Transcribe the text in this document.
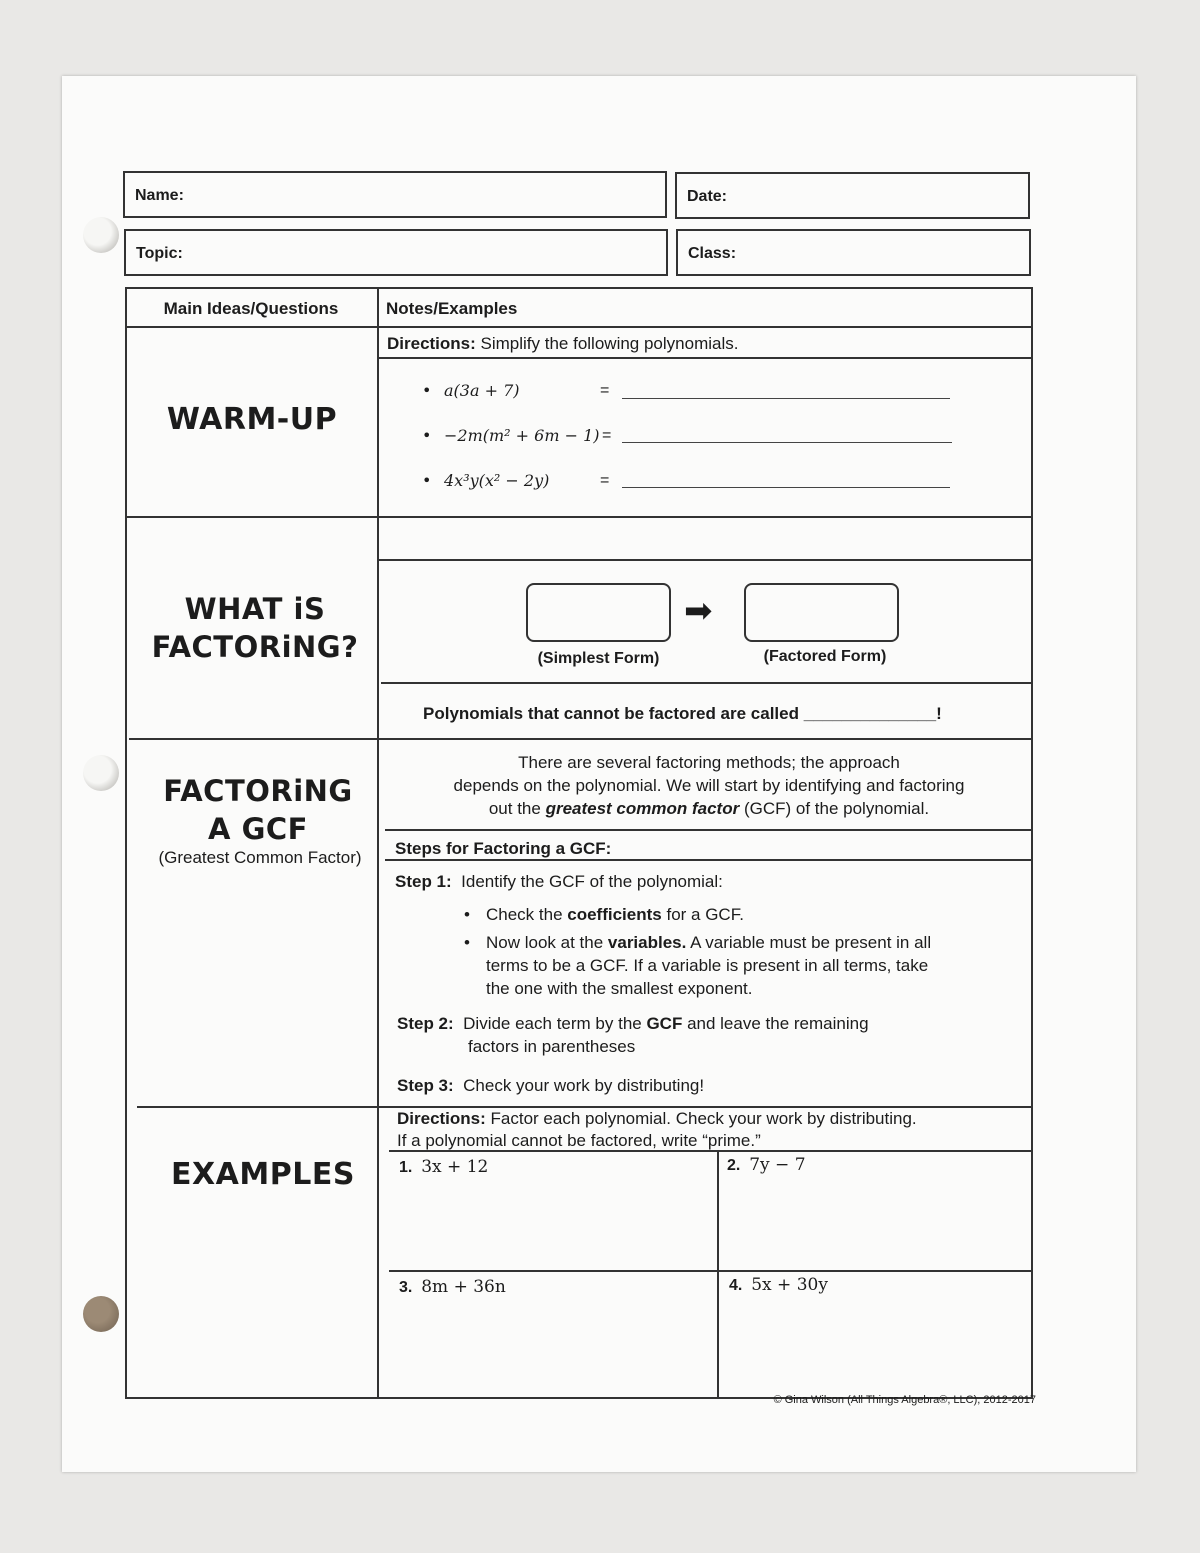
Name:	Date:
Topic:	Class:
Main Ideas/Questions	Notes/Examples
WARM-UP
Directions: Simplify the following polynomials.
• a(3a + 7)	=
• −2m(m² + 6m − 1) =
• 4x³y(x² − 2y)	=
WHAT iS
FACTORiNG?
➡
(Simplest Form)	(Factored Form)
Polynomials that cannot be factored are called ______________!
FACTORiNG
A GCF
(Greatest Common Factor)
There are several factoring methods; the approach
depends on the polynomial. We will start by identifying and factoring
out the greatest common factor (GCF) of the polynomial.
Steps for Factoring a GCF:
Step 1: Identify the GCF of the polynomial:
• Check the coefficients for a GCF.
• Now look at the variables. A variable must be present in all
terms to be a GCF. If a variable is present in all terms, take
the one with the smallest exponent.
Step 2: Divide each term by the GCF and leave the remaining
factors in parentheses
Step 3: Check your work by distributing!
EXAMPLES
Directions: Factor each polynomial. Check your work by distributing.
If a polynomial cannot be factored, write “prime.”
1. 3x + 12	2. 7y − 7
3. 8m + 36n	4. 5x + 30y
© Gina Wilson (All Things Algebra®, LLC), 2012-2017
